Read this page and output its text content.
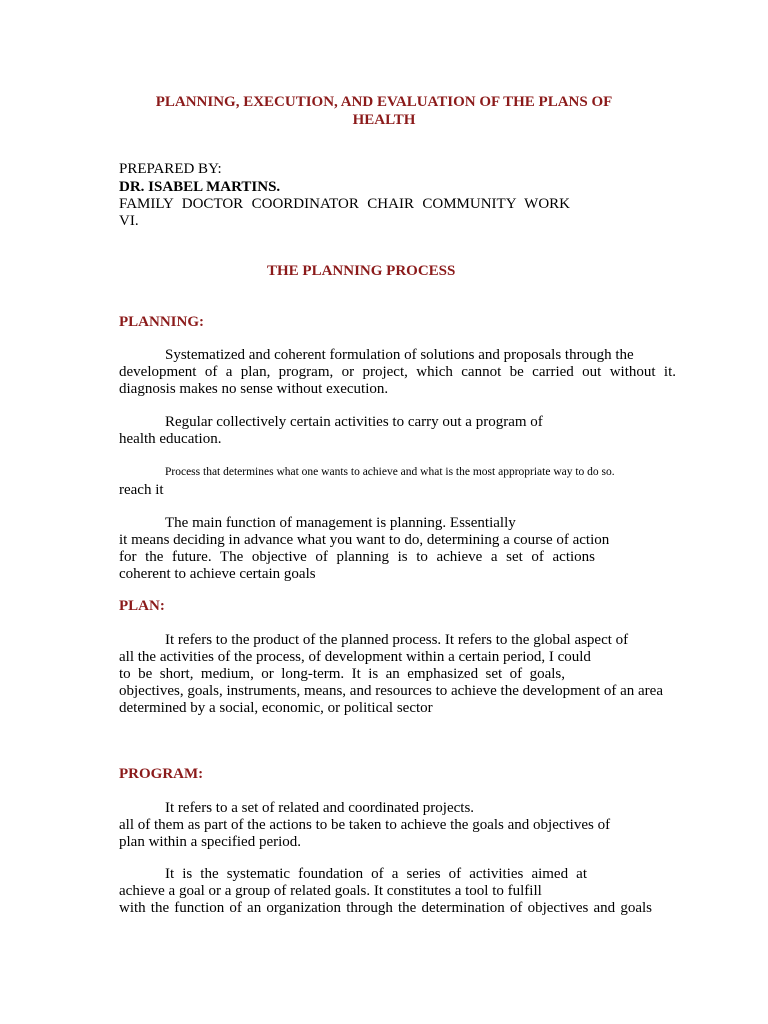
PLANNING, EXECUTION, AND EVALUATION OF THE PLANS OF
HEALTH
PREPARED BY:
DR. ISABEL MARTINS.
FAMILY DOCTOR COORDINATOR CHAIR COMMUNITY WORK
VI.
THE PLANNING PROCESS
PLANNING:
Systematized and coherent formulation of solutions and proposals through the
development of a plan, program, or project, which cannot be carried out without it.
diagnosis makes no sense without execution.
Regular collectively certain activities to carry out a program of
health education.
Process that determines what one wants to achieve and what is the most appropriate way to do so.
reach it
The main function of management is planning. Essentially
it means deciding in advance what you want to do, determining a course of action
for the future. The objective of planning is to achieve a set of actions
coherent to achieve certain goals
PLAN:
It refers to the product of the planned process. It refers to the global aspect of
all the activities of the process, of development within a certain period, I could
to be short, medium, or long-term. It is an emphasized set of goals,
objectives, goals, instruments, means, and resources to achieve the development of an area
determined by a social, economic, or political sector
PROGRAM:
It refers to a set of related and coordinated projects.
all of them as part of the actions to be taken to achieve the goals and objectives of
plan within a specified period.
It is the systematic foundation of a series of activities aimed at
achieve a goal or a group of related goals. It constitutes a tool to fulfill
with the function of an organization through the determination of objectives and goals
